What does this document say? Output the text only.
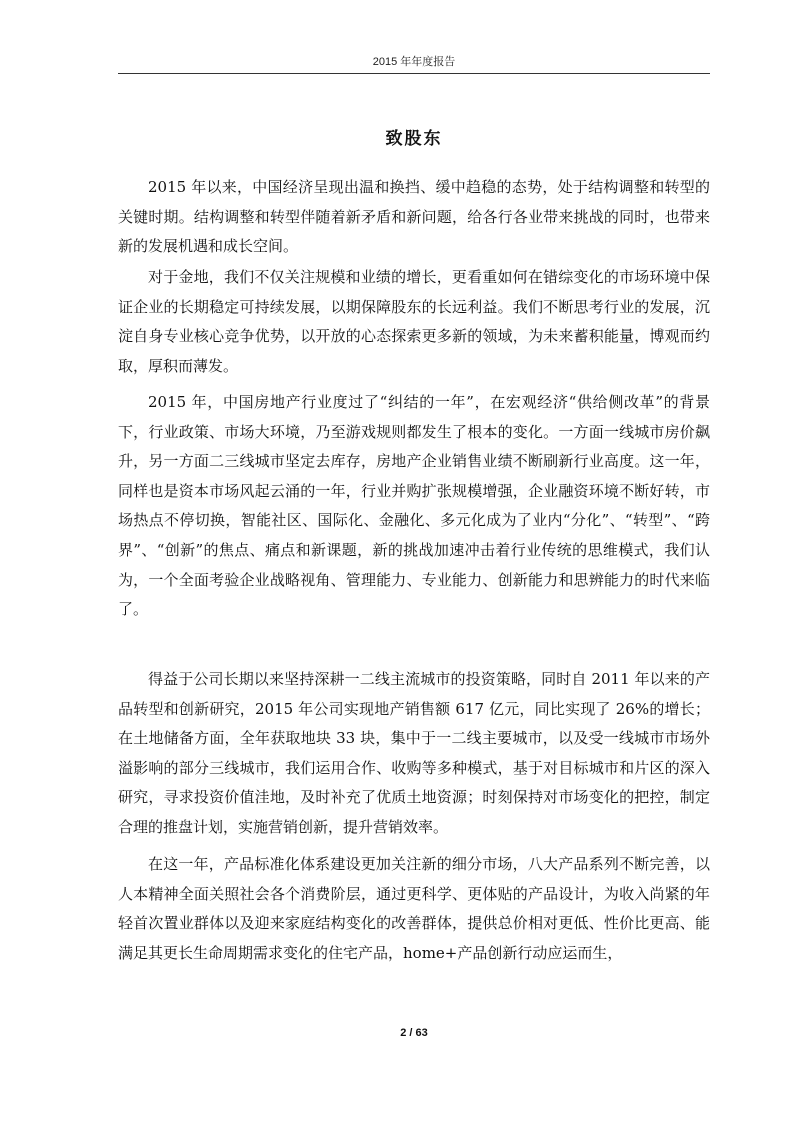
2015 年年度报告
致股东

2015 年以来，中国经济呈现出温和换挡、缓中趋稳的态势，处于结构调整和转型的关键时期。结构调整和转型伴随着新矛盾和新问题，给各行各业带来挑战的同时，也带来新的发展机遇和成长空间。

对于金地，我们不仅关注规模和业绩的增长，更看重如何在错综变化的市场环境中保证企业的长期稳定可持续发展，以期保障股东的长远利益。我们不断思考行业的发展，沉淀自身专业核心竞争优势，以开放的心态探索更多新的领域，为未来蓄积能量，博观而约取，厚积而薄发。

2015 年，中国房地产行业度过了“纠结的一年”，在宏观经济“供给侧改革”的背景下，行业政策、市场大环境，乃至游戏规则都发生了根本的变化。一方面一线城市房价飙升，另一方面二三线城市坚定去库存，房地产企业销售业绩不断刷新行业高度。这一年，同样也是资本市场风起云涌的一年，行业并购扩张规模增强，企业融资环境不断好转，市场热点不停切换，智能社区、国际化、金融化、多元化成为了业内“分化”、“转型”、“跨界”、“创新”的焦点、痛点和新课题，新的挑战加速冲击着行业传统的思维模式，我们认为，一个全面考验企业战略视角、管理能力、专业能力、创新能力和思辨能力的时代来临了。

得益于公司长期以来坚持深耕一二线主流城市的投资策略，同时自 2011 年以来的产品转型和创新研究，2015 年公司实现地产销售额 617 亿元，同比实现了 26%的增长；在土地储备方面，全年获取地块 33 块，集中于一二线主要城市，以及受一线城市市场外溢影响的部分三线城市，我们运用合作、收购等多种模式，基于对目标城市和片区的深入研究，寻求投资价值洼地，及时补充了优质土地资源；时刻保持对市场变化的把控，制定合理的推盘计划，实施营销创新，提升营销效率。

在这一年，产品标准化体系建设更加关注新的细分市场，八大产品系列不断完善，以人本精神全面关照社会各个消费阶层，通过更科学、更体贴的产品设计，为收入尚紧的年轻首次置业群体以及迎来家庭结构变化的改善群体，提供总价相对更低、性价比更高、能满足其更长生命周期需求变化的住宅产品，home+产品创新行动应运而生，

2 / 63
